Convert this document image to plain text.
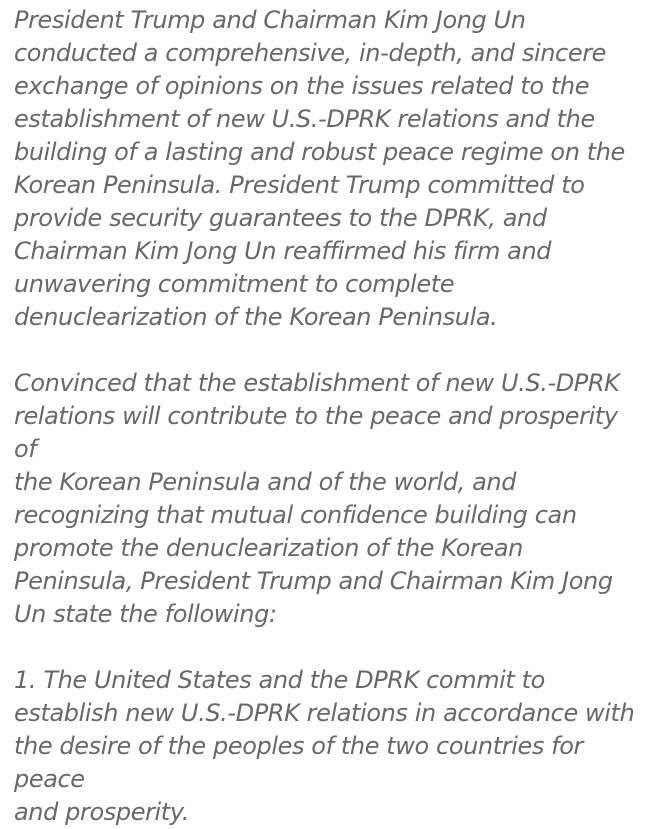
President Trump and Chairman Kim Jong Un
conducted a comprehensive, in-depth, and sincere
exchange of opinions on the issues related to the
establishment of new U.S.-DPRK relations and the
building of a lasting and robust peace regime on the
Korean Peninsula. President Trump committed to
provide security guarantees to the DPRK, and
Chairman Kim Jong Un reaffirmed his firm and
unwavering commitment to complete
denuclearization of the Korean Peninsula.

Convinced that the establishment of new U.S.-DPRK
relations will contribute to the peace and prosperity of
the Korean Peninsula and of the world, and
recognizing that mutual confidence building can
promote the denuclearization of the Korean
Peninsula, President Trump and Chairman Kim Jong
Un state the following:

1. The United States and the DPRK commit to
establish new U.S.-DPRK relations in accordance with
the desire of the peoples of the two countries for peace
and prosperity.
